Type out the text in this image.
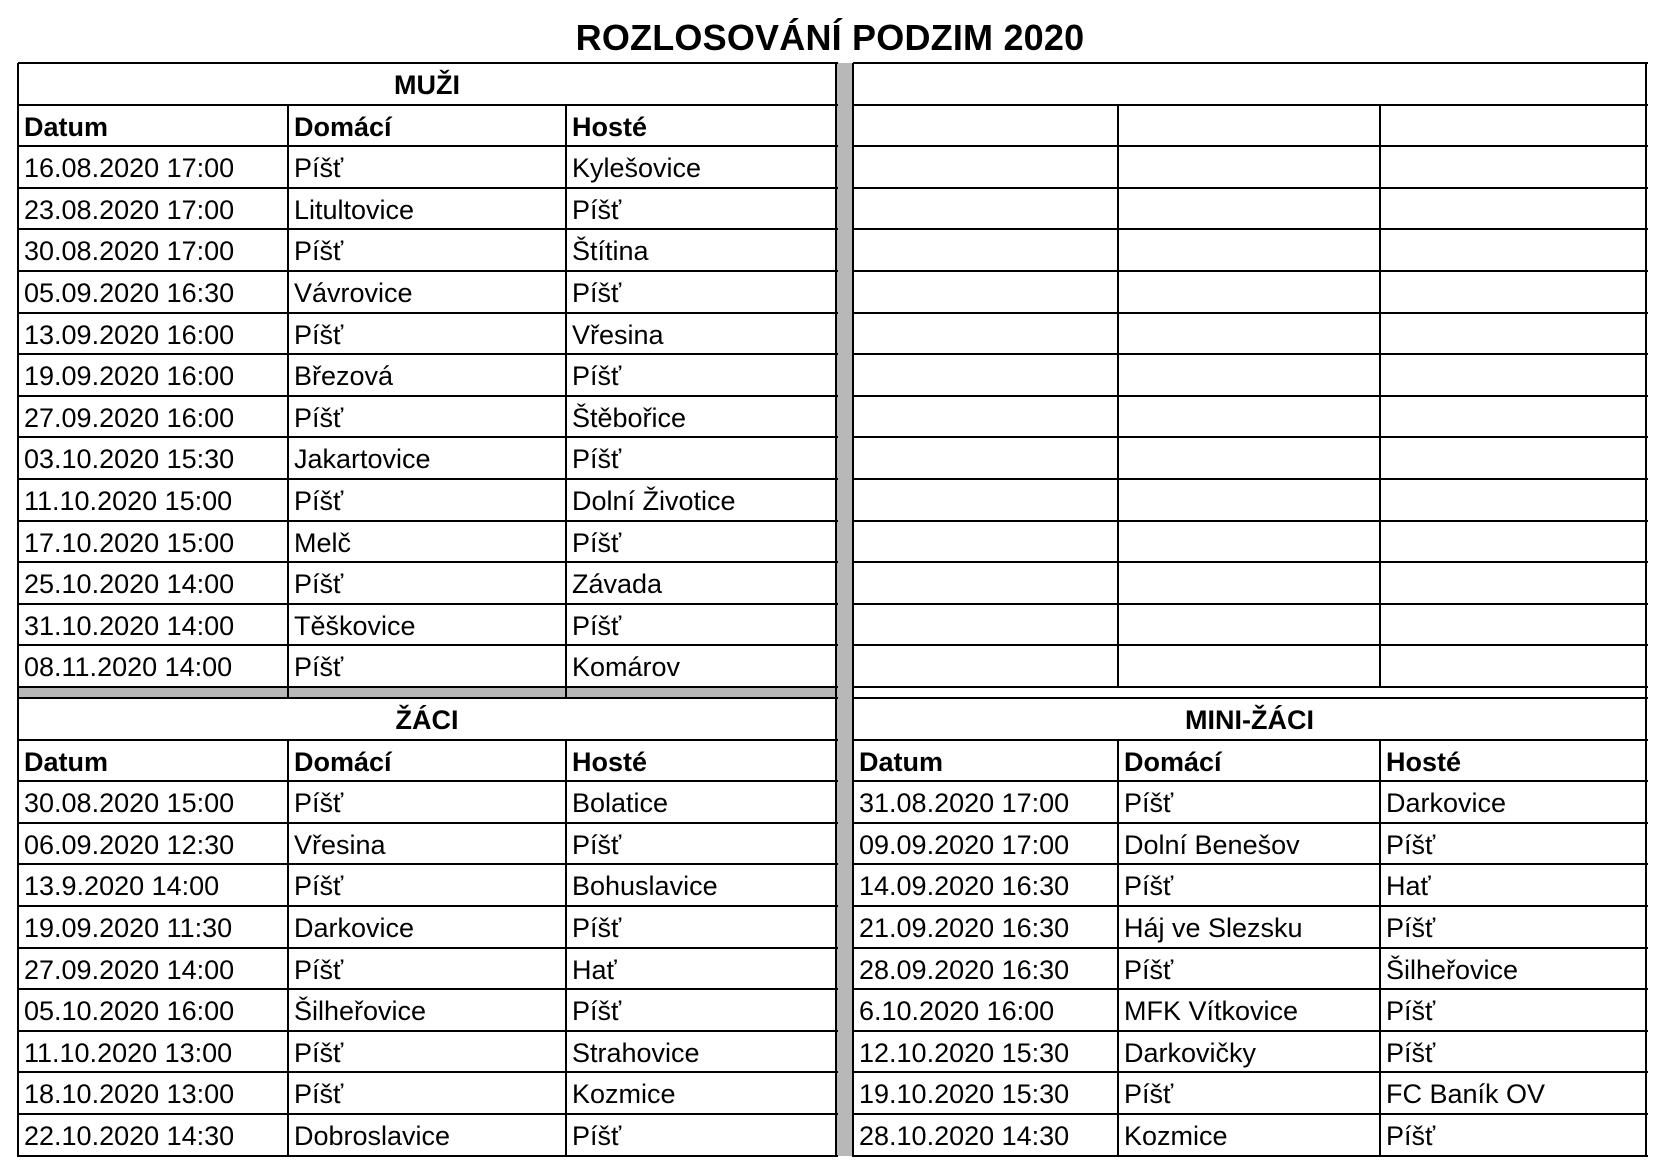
ROZLOSOVÁNÍ PODZIM 2020
MUŽI
Datum	Domácí	Hosté
16.08.2020 17:00	Píšť	Kylešovice
23.08.2020 17:00	Litultovice	Píšť
30.08.2020 17:00	Píšť	Štítina
05.09.2020 16:30	Vávrovice	Píšť
13.09.2020 16:00	Píšť	Vřesina
19.09.2020 16:00	Březová	Píšť
27.09.2020 16:00	Píšť	Štěbořice
03.10.2020 15:30	Jakartovice	Píšť
11.10.2020 15:00	Píšť	Dolní Životice
17.10.2020 15:00	Melč	Píšť
25.10.2020 14:00	Píšť	Závada
31.10.2020 14:00	Těškovice	Píšť
08.11.2020 14:00	Píšť	Komárov
ŽÁCI
Datum	Domácí	Hosté
30.08.2020 15:00	Píšť	Bolatice
06.09.2020 12:30	Vřesina	Píšť
13.9.2020 14:00	Píšť	Bohuslavice
19.09.2020 11:30	Darkovice	Píšť
27.09.2020 14:00	Píšť	Hať
05.10.2020 16:00	Šilheřovice	Píšť
11.10.2020 13:00	Píšť	Strahovice
18.10.2020 13:00	Píšť	Kozmice
22.10.2020 14:30	Dobroslavice	Píšť
MINI-ŽÁCI
Datum	Domácí	Hosté
31.08.2020 17:00	Píšť	Darkovice
09.09.2020 17:00	Dolní Benešov	Píšť
14.09.2020 16:30	Píšť	Hať
21.09.2020 16:30	Háj ve Slezsku	Píšť
28.09.2020 16:30	Píšť	Šilheřovice
6.10.2020 16:00	MFK Vítkovice	Píšť
12.10.2020 15:30	Darkovičky	Píšť
19.10.2020 15:30	Píšť	FC Baník OV
28.10.2020 14:30	Kozmice	Píšť
